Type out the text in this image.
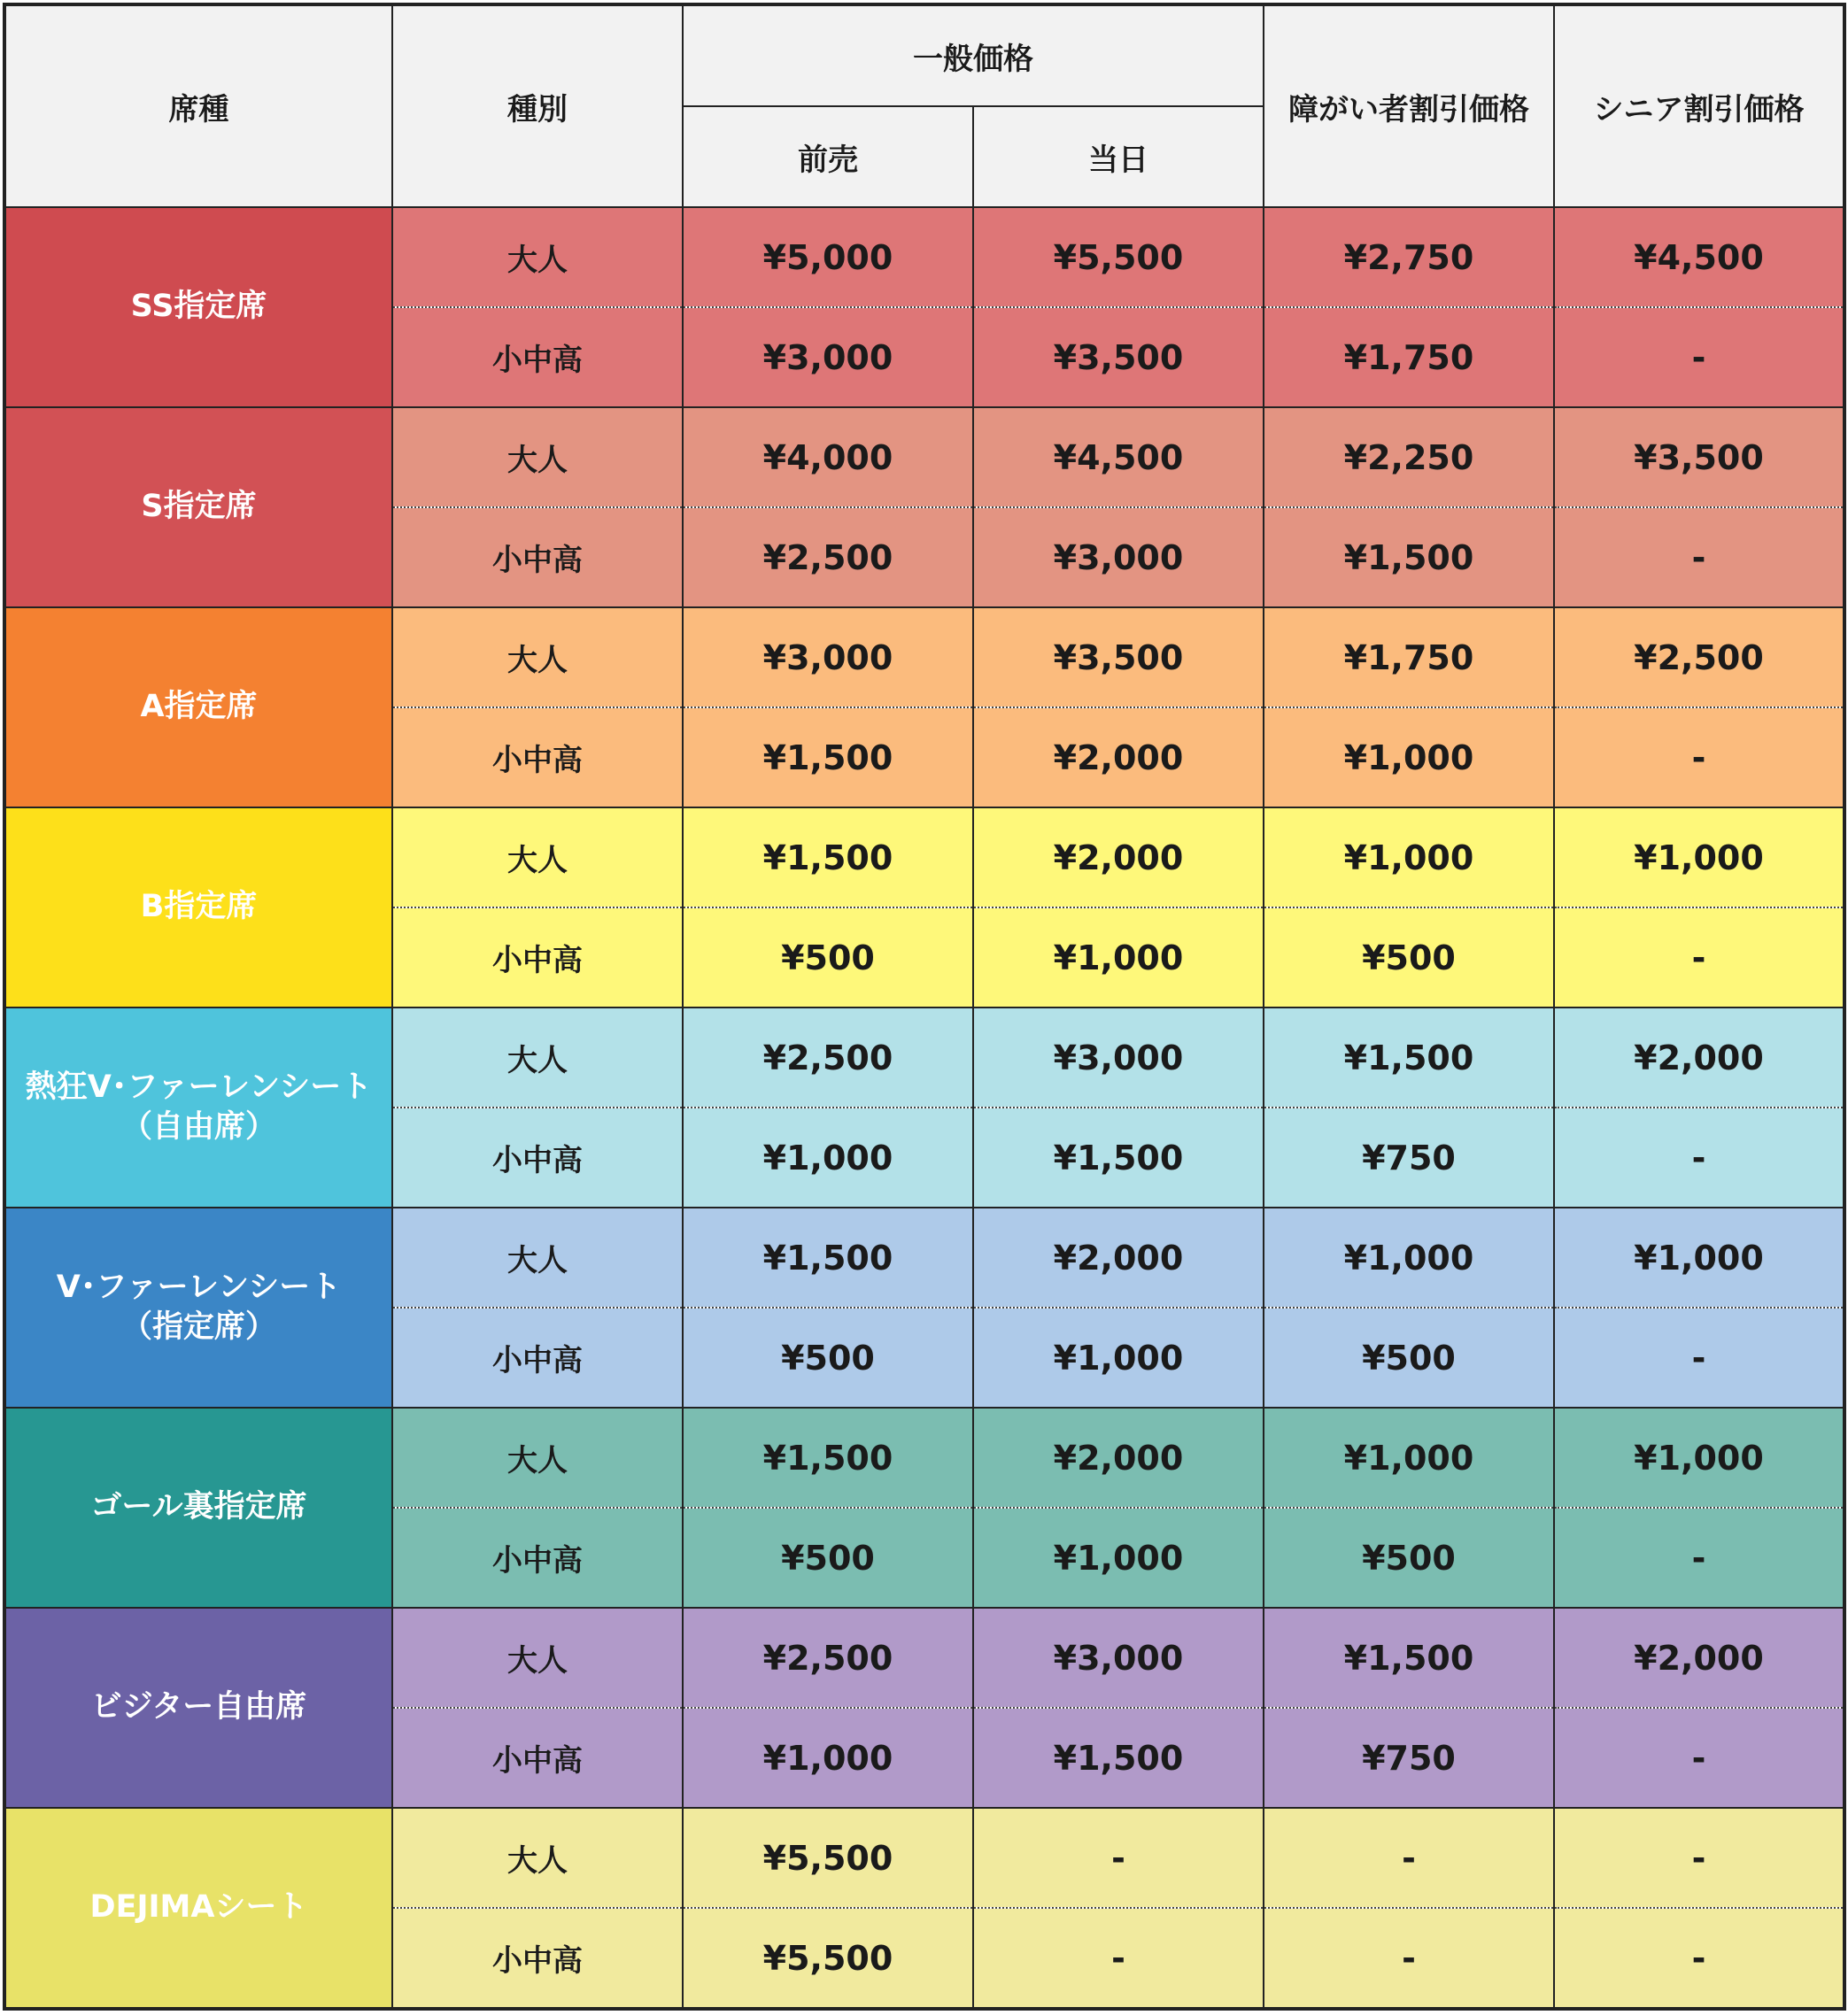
席種	種別	一般価格		障がい者割引価格	シニア割引価格
		前売	当日		
SS指定席	大人	¥5,000	¥5,500	¥2,750	¥4,500
	小中高	¥3,000	¥3,500	¥1,750	-
S指定席	大人	¥4,000	¥4,500	¥2,250	¥3,500
	小中高	¥2,500	¥3,000	¥1,500	-
A指定席	大人	¥3,000	¥3,500	¥1,750	¥2,500
	小中高	¥1,500	¥2,000	¥1,000	-
B指定席	大人	¥1,500	¥2,000	¥1,000	¥1,000
	小中高	¥500	¥1,000	¥500	-
熱狂V･ファーレンシート
（自由席）	大人	¥2,500	¥3,000	¥1,500	¥2,000
	小中高	¥1,000	¥1,500	¥750	-
V･ファーレンシート
（指定席）	大人	¥1,500	¥2,000	¥1,000	¥1,000
	小中高	¥500	¥1,000	¥500	-
ゴール裏指定席	大人	¥1,500	¥2,000	¥1,000	¥1,000
	小中高	¥500	¥1,000	¥500	-
ビジター自由席	大人	¥2,500	¥3,000	¥1,500	¥2,000
	小中高	¥1,000	¥1,500	¥750	-
DEJIMAシート	大人	¥5,500	-	-	-
	小中高	¥5,500	-	-	-
